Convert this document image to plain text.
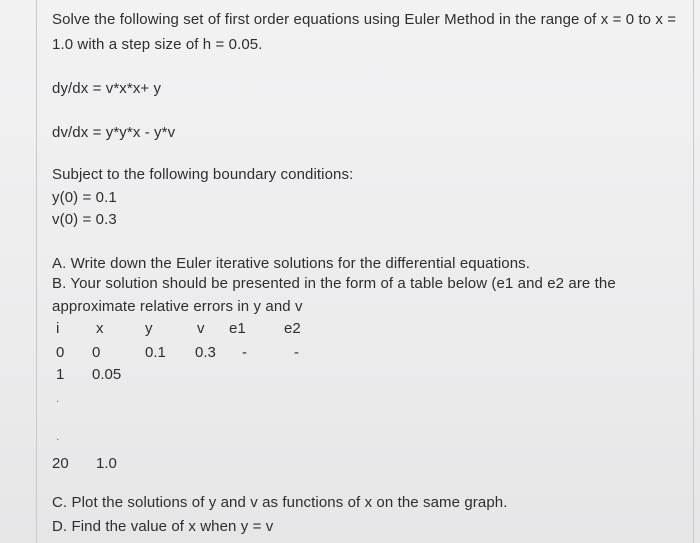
Solve the following set of first order equations using Euler Method in the range of x = 0 to x =
1.0 with a step size of h = 0.05.
dy/dx = v*x*x+ y
dv/dx = y*y*x - y*v
Subject to the following boundary conditions:
y(0) = 0.1
v(0) = 0.3
A. Write down the Euler iterative solutions for the differential equations.
B. Your solution should be presented in the form of a table below (e1 and e2 are the
approximate relative errors in y and v
i x	y	v e1	e2
0 0	0.1 0.3 -	-
1 0.05
.
.
20 1.0
C. Plot the solutions of y and v as functions of x on the same graph.
D. Find the value of x when y = v
